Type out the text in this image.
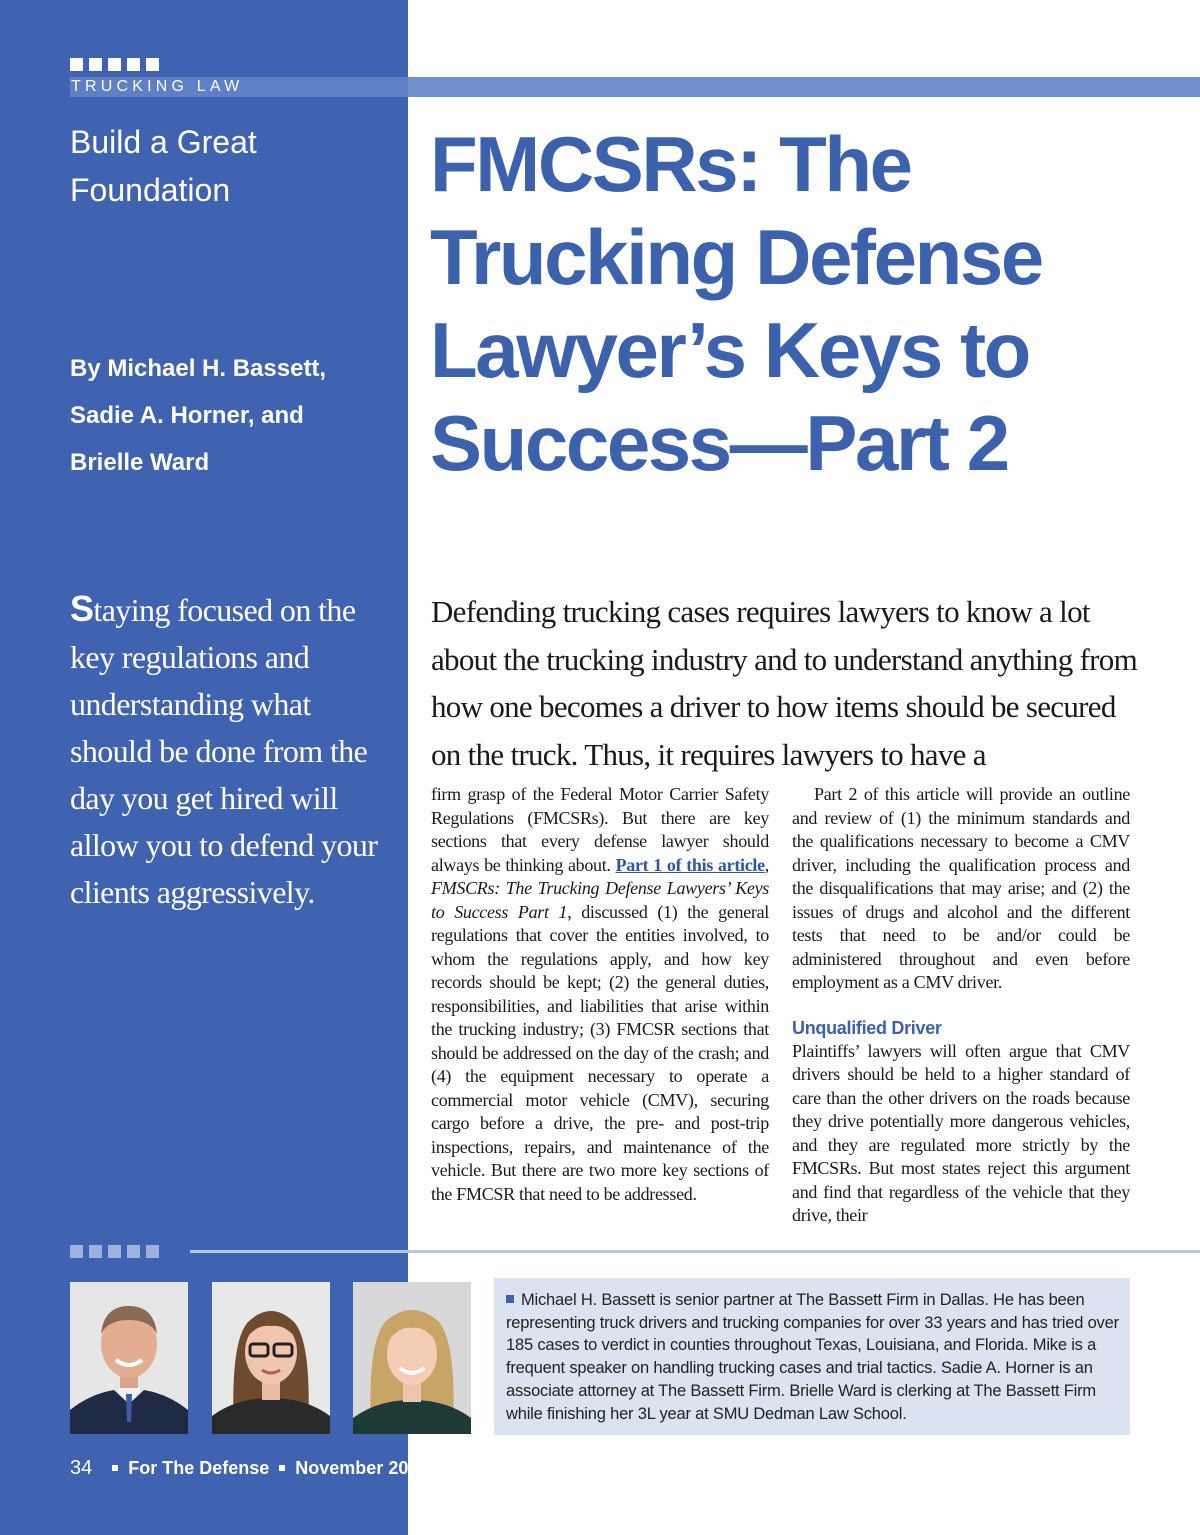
TRUCKING LAW
Build a Great Foundation
By Michael H. Bassett,
Sadie A. Horner, and
Brielle Ward
Staying focused on the key regulations and understanding what should be done from the day you get hired will allow you to defend your clients aggressively.
FMCSRs: The
Trucking Defense
Lawyer’s Keys to
Success—Part 2
Defending trucking cases requires lawyers to know a lot about the trucking industry and to understand anything from how one becomes a driver to how items should be secured on the truck. Thus, it requires lawyers to have a

firm grasp of the Federal Motor Carrier Safety Regulations (FMCSRs). But there are key sections that every defense lawyer should always be thinking about. Part 1 of this article, FMSCRs: The Trucking Defense Lawyers’ Keys to Success Part 1, discussed (1) the general regulations that cover the entities involved, to whom the regulations apply, and how key records should be kept; (2) the general duties, responsibilities, and liabilities that arise within the trucking industry; (3) FMCSR sections that should be addressed on the day of the crash; and (4) the equipment necessary to operate a commercial motor vehicle (CMV), securing cargo before a drive, the pre- and post-trip inspections, repairs, and maintenance of the vehicle. But there are two more key sections of the FMCSR that need to be addressed.

Part 2 of this article will provide an outline and review of (1) the minimum standards and the qualifications necessary to become a CMV driver, including the qualification process and the disqualifications that may arise; and (2) the issues of drugs and alcohol and the different tests that need to be and/or could be administered throughout and even before employment as a CMV driver.

Unqualified Driver

Plaintiffs’ lawyers will often argue that CMV drivers should be held to a higher standard of care than the other drivers on the roads because they drive potentially more dangerous vehicles, and they are regulated more strictly by the FMCSRs. But most states reject this argument and find that regardless of the vehicle that they drive, their

Michael H. Bassett is senior partner at The Bassett Firm in Dallas. He has been representing truck drivers and trucking companies for over 33 years and has tried over 185 cases to verdict in counties throughout Texas, Louisiana, and Florida. Mike is a frequent speaker on handling trucking cases and trial tactics. Sadie A. Horner is an associate attorney at The Bassett Firm. Brielle Ward is clerking at The Bassett Firm while finishing her 3L year at SMU Dedman Law School.
34 For The Defense November 2021
